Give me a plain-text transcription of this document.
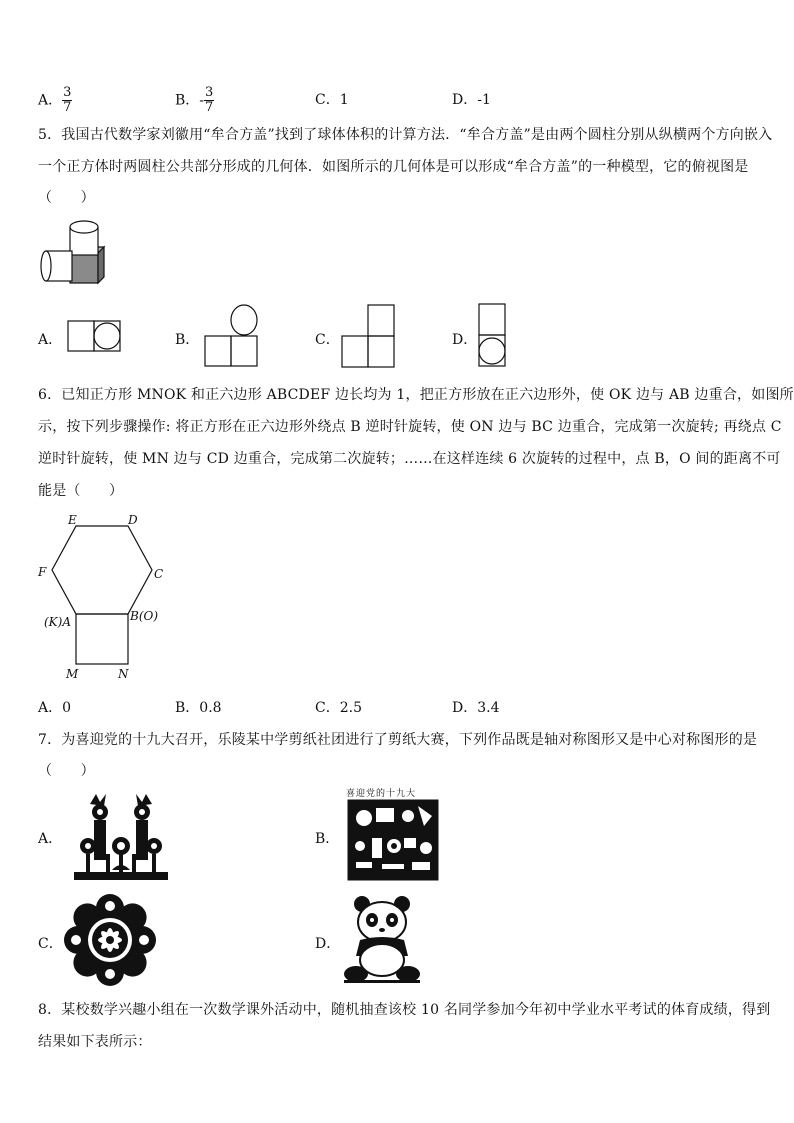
A． $\frac{3}{7}$	B．- $\frac{3}{7}$	C．1	D．-1
5．我国古代数学家刘徽用“牟合方盖”找到了球体体积的计算方法．“牟合方盖”是由两个圆柱分别从纵横两个方向嵌入
一个正方体时两圆柱公共部分形成的几何体．如图所示的几何体是可以形成“牟合方盖”的一种模型，它的俯视图是
（　　）
A．	B．	C．	D．
6．已知正方形 MNOK 和正六边形 ABCDEF 边长均为 1，把正方形放在正六边形外，使 OK 边与 AB 边重合，如图所
示，按下列步骤操作: 将正方形在正六边形外绕点 B 逆时针旋转，使 ON 边与 BC 边重合，完成第一次旋转; 再绕点 C
逆时针旋转，使 MN 边与 CD 边重合，完成第二次旋转；……在这样连续 6 次旋转的过程中，点 B，O 间的距离不可
能是（　　）
E	D
F	C
(K)A	B(O)
M	N
A．0	B．0.8	C．2.5	D．3.4
7．为喜迎党的十九大召开，乐陵某中学剪纸社团进行了剪纸大赛，下列作品既是轴对称图形又是中心对称图形的是
（　　）
A．	B．
喜迎党的十九大
C．	D．
8．某校数学兴趣小组在一次数学课外活动中，随机抽查该校 10 名同学参加今年初中学业水平考试的体育成绩，得到
结果如下表所示：
